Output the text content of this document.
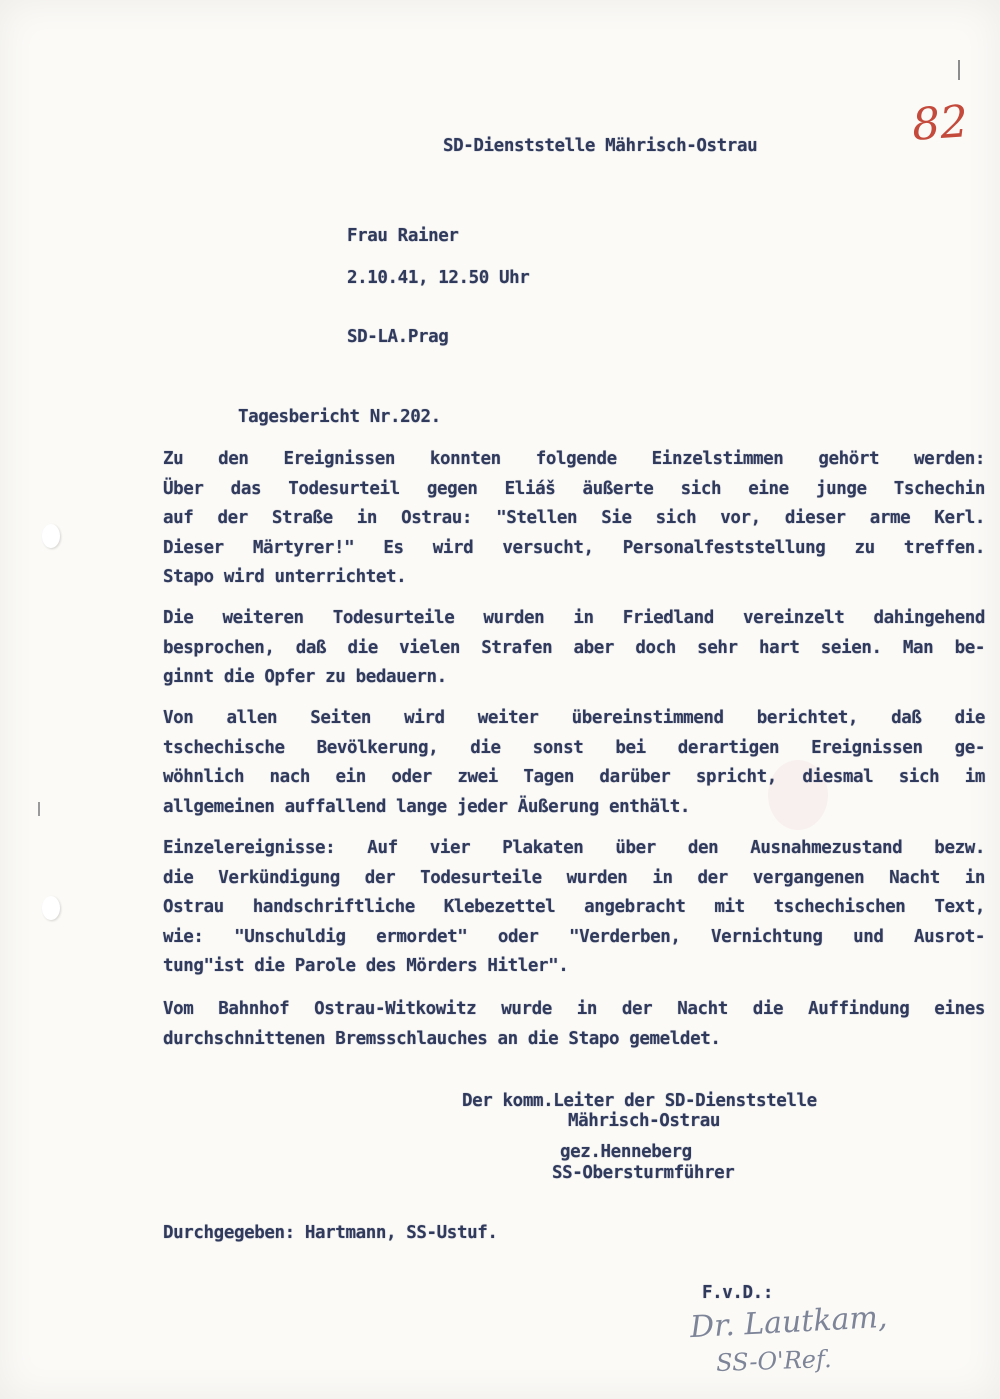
82
SD-Dienststelle Mährisch-Ostrau
Frau Rainer
2.10.41, 12.50 Uhr
SD-LA.Prag
Tagesbericht Nr.202.
Zu den Ereignissen konnten folgende Einzelstimmen gehört werden:
Über das Todesurteil gegen Eliáš äußerte sich eine junge Tschechin
auf der Straße in Ostrau: "Stellen Sie sich vor, dieser arme Kerl.
Dieser Märtyrer!" Es wird versucht, Personalfeststellung zu treffen.
Stapo wird unterrichtet.
Die weiteren Todesurteile wurden in Friedland vereinzelt dahingehend
besprochen, daß die vielen Strafen aber doch sehr hart seien. Man be-
ginnt die Opfer zu bedauern.
Von allen Seiten wird weiter übereinstimmend berichtet, daß die
tschechische Bevölkerung, die sonst bei derartigen Ereignissen ge-
wöhnlich nach ein oder zwei Tagen darüber spricht, diesmal sich im
allgemeinen auffallend lange jeder Äußerung enthält.
Einzelereignisse: Auf vier Plakaten über den Ausnahmezustand bezw.
die Verkündigung der Todesurteile wurden in der vergangenen Nacht in
Ostrau handschriftliche Klebezettel angebracht mit tschechischen Text,
wie: "Unschuldig ermordet" oder "Verderben, Vernichtung und Ausrot-
tung"ist die Parole des Mörders Hitler".
Vom Bahnhof Ostrau-Witkowitz wurde in der Nacht die Auffindung eines
durchschnittenen Bremsschlauches an die Stapo gemeldet.
Der komm.Leiter der SD-Dienststelle
Mährisch-Ostrau
gez.Henneberg
SS-Obersturmführer
Durchgegeben: Hartmann, SS-Ustuf.
F.v.D.:
Dr. Lautkam,
SS-O'Ref.
